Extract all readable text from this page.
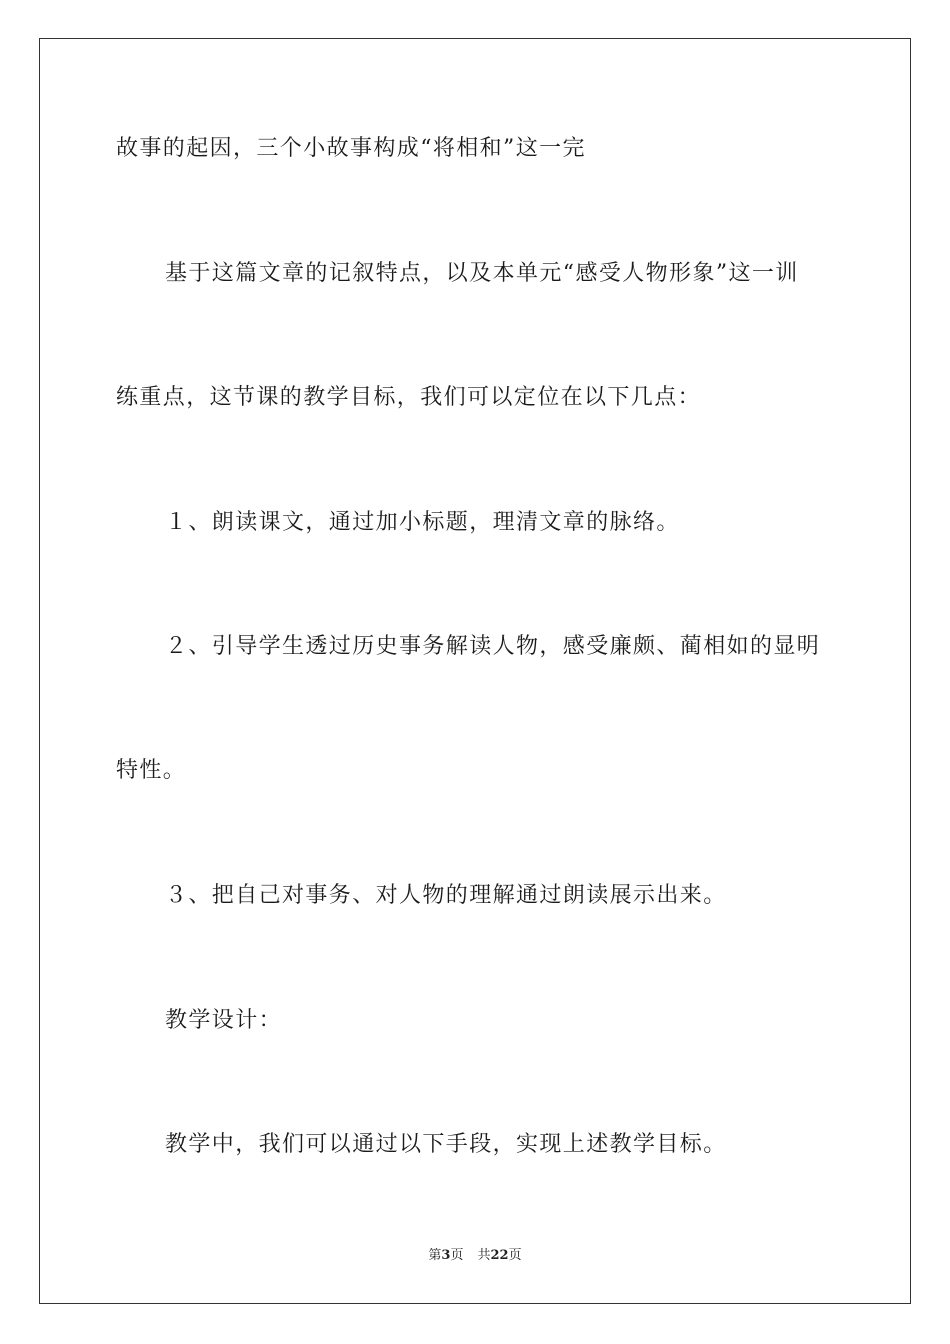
故事的起因，三个小故事构成“将相和”这一完
基于这篇文章的记叙特点，以及本单元“感受人物形象”这一训
练重点，这节课的教学目标，我们可以定位在以下几点：
１、朗读课文，通过加小标题，理清文章的脉络。
２、引导学生透过历史事务解读人物，感受廉颇、蔺相如的显明
特性。
３、把自己对事务、对人物的理解通过朗读展示出来。
教学设计：
教学中，我们可以通过以下手段，实现上述教学目标。
第3页 共22页
